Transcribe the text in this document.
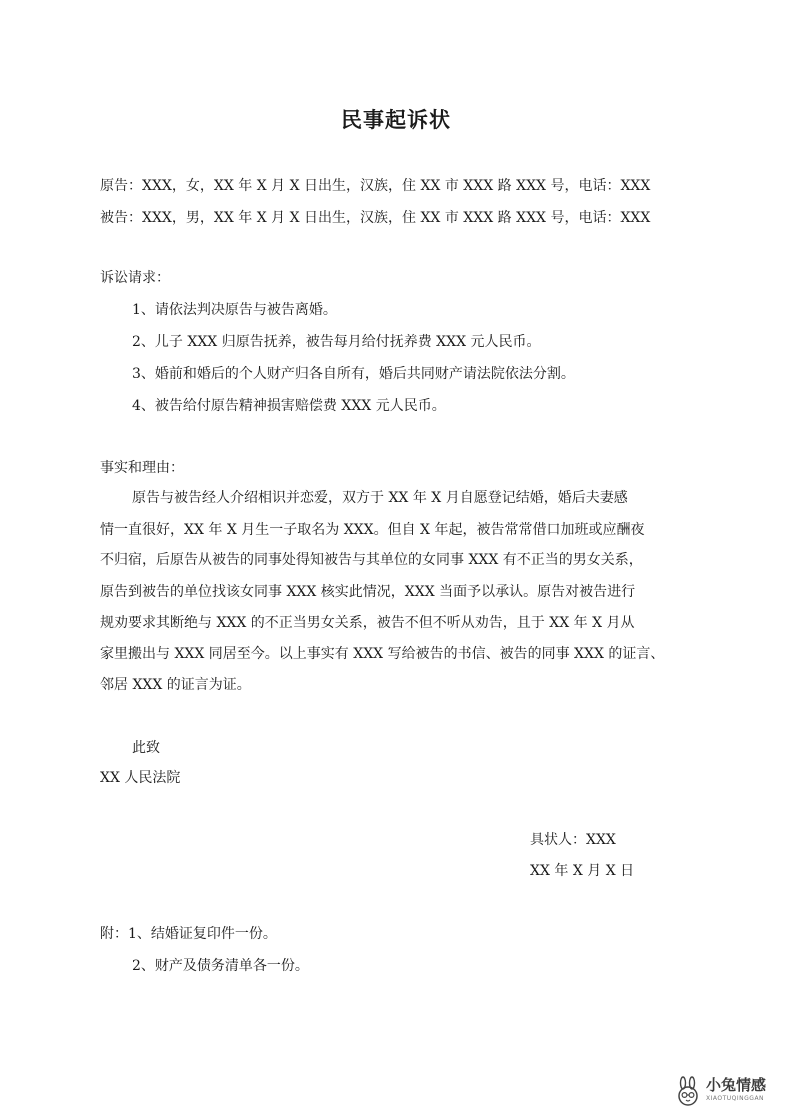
民事起诉状
原告：XXX，女，XX 年 X 月 X 日出生，汉族，住 XX 市 XXX 路 XXX 号，电话：XXX
被告：XXX，男，XX 年 X 月 X 日出生，汉族，住 XX 市 XXX 路 XXX 号，电话：XXX
诉讼请求：
1、请依法判决原告与被告离婚。
2、儿子 XXX 归原告抚养，被告每月给付抚养费 XXX 元人民币。
3、婚前和婚后的个人财产归各自所有，婚后共同财产请法院依法分割。
4、被告给付原告精神损害赔偿费 XXX 元人民币。
事实和理由：
原告与被告经人介绍相识并恋爱，双方于 XX 年 X 月自愿登记结婚，婚后夫妻感
情一直很好，XX 年 X 月生一子取名为 XXX。但自 X 年起，被告常常借口加班或应酬夜
不归宿，后原告从被告的同事处得知被告与其单位的女同事 XXX 有不正当的男女关系，
原告到被告的单位找该女同事 XXX 核实此情况，XXX 当面予以承认。原告对被告进行
规劝要求其断绝与 XXX 的不正当男女关系，被告不但不听从劝告，且于 XX 年 X 月从
家里搬出与 XXX 同居至今。以上事实有 XXX 写给被告的书信、被告的同事 XXX 的证言、
邻居 XXX 的证言为证。
此致
XX 人民法院
具状人：XXX
XX 年 X 月 X 日
附：1、结婚证复印件一份。
2、财产及债务清单各一份。
小兔情感
XIAOTUQINGGAN
